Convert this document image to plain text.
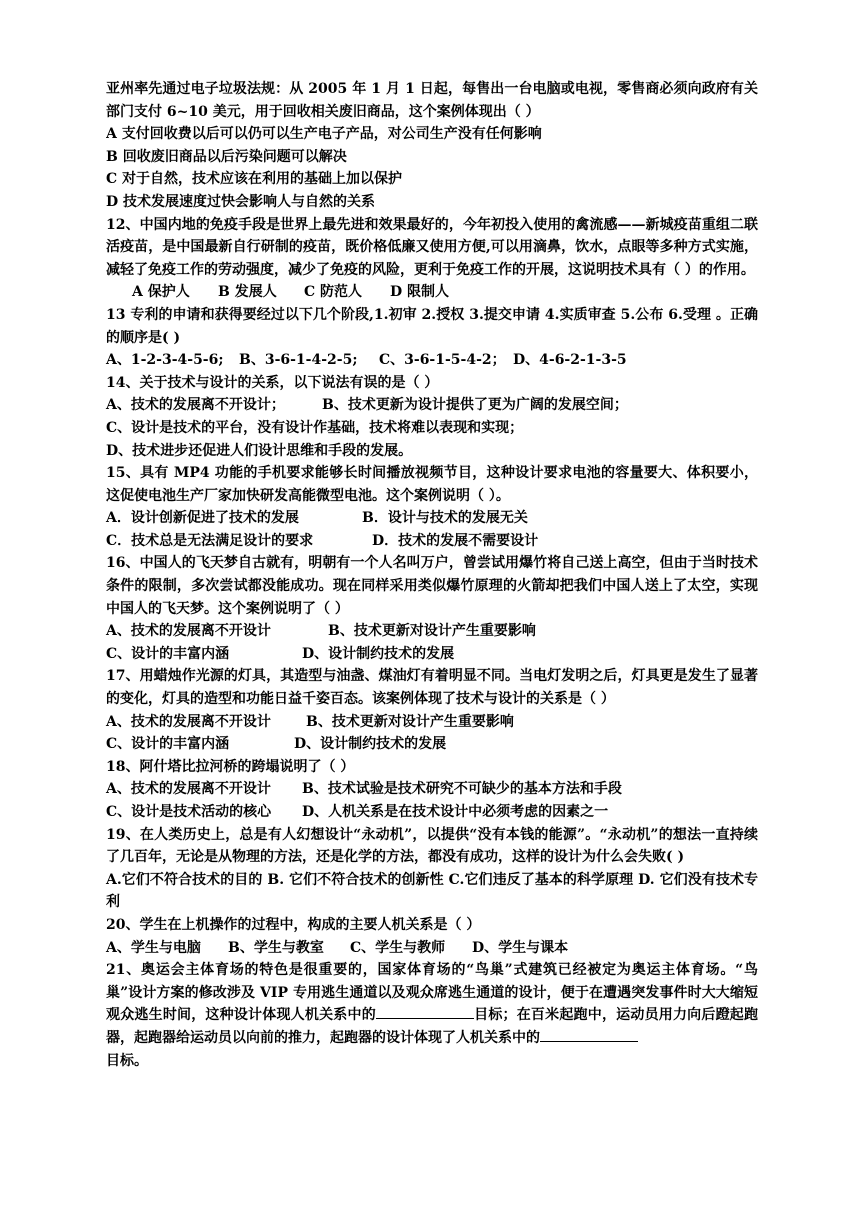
亚州率先通过电子垃圾法规：从 2005 年 1 月 1 日起，每售出一台电脑或电视，零售商必须向政府有关部门支付 6~10 美元，用于回收相关废旧商品，这个案例体现出（ ）
A 支付回收费以后可以仍可以生产电子产品，对公司生产没有任何影响
B 回收废旧商品以后污染问题可以解决
C 对于自然，技术应该在利用的基础上加以保护
D 技术发展速度过快会影响人与自然的关系
12、中国内地的免疫手段是世界上最先进和效果最好的，今年初投入使用的禽流感——新城疫苗重组二联活疫苗，是中国最新自行研制的疫苗，既价格低廉又使用方便,可以用滴鼻，饮水，点眼等多种方式实施，减轻了免疫工作的劳动强度，减少了免疫的风险，更利于免疫工作的开展，这说明技术具有（ ）的作用。
A 保护人	B 发展人	C 防范人	D 限制人
13 专利的申请和获得要经过以下几个阶段,1.初审 2.授权 3.提交申请 4.实质审查 5.公布 6.受理 。正确的顺序是( )
A、1-2-3-4-5-6;	B、3-6-1-4-2-5;	C、3-6-1-5-4-2； D、4-6-2-1-3-5
14、关于技术与设计的关系，以下说法有误的是（ ）
A、技术的发展离不开设计；	B、技术更新为设计提供了更为广阔的发展空间；
C、设计是技术的平台，没有设计作基础，技术将难以表现和实现；
D、技术进步还促进人们设计思维和手段的发展。
15、具有 MP4 功能的手机要求能够长时间播放视频节目，这种设计要求电池的容量要大、体积要小，这促使电池生产厂家加快研发高能微型电池。这个案例说明（ ）。
A．设计创新促进了技术的发展	B．设计与技术的发展无关
C．技术总是无法满足设计的要求	D．技术的发展不需要设计
16、中国人的飞天梦自古就有，明朝有一个人名叫万户，曾尝试用爆竹将自己送上高空，但由于当时技术条件的限制，多次尝试都没能成功。现在同样采用类似爆竹原理的火箭却把我们中国人送上了太空，实现中国人的飞天梦。这个案例说明了（ ）
A、技术的发展离不开设计	B、技术更新对设计产生重要影响
C、设计的丰富内涵	D、设计制约技术的发展
17、用蜡烛作光源的灯具，其造型与油盏、煤油灯有着明显不同。当电灯发明之后，灯具更是发生了显著的变化，灯具的造型和功能日益千姿百态。该案例体现了技术与设计的关系是（ ）
A、技术的发展离不开设计	B、技术更新对设计产生重要影响
C、设计的丰富内涵	D、设计制约技术的发展
18、阿什塔比拉河桥的跨塌说明了（ ）
A、技术的发展离不开设计	B、技术试验是技术研究不可缺少的基本方法和手段
C、设计是技术活动的核心	D、人机关系是在技术设计中必须考虑的因素之一
19、在人类历史上，总是有人幻想设计“永动机”，以提供“没有本钱的能源”。“永动机”的想法一直持续了几百年，无论是从物理的方法，还是化学的方法，都没有成功，这样的设计为什么会失败( )
A.它们不符合技术的目的 B. 它们不符合技术的创新性 C.它们违反了基本的科学原理 D. 它们没有技术专利
20、学生在上机操作的过程中，构成的主要人机关系是（ ）
A、学生与电脑	B、学生与教室	C、学生与教师	D、学生与课本
21、奥运会主体育场的特色是很重要的，国家体育场的“鸟巢”式建筑已经被定为奥运主体育场。“鸟巢”设计方案的修改涉及 VIP 专用逃生通道以及观众席逃生通道的设计，便于在遭遇突发事件时大大缩短观众逃生时间，这种设计体现人机关系中的	目标；在百米起跑中，运动员用力向后蹬起跑器，起跑器给运动员以向前的推力，起跑器的设计体现了人机关系中的
目标。
